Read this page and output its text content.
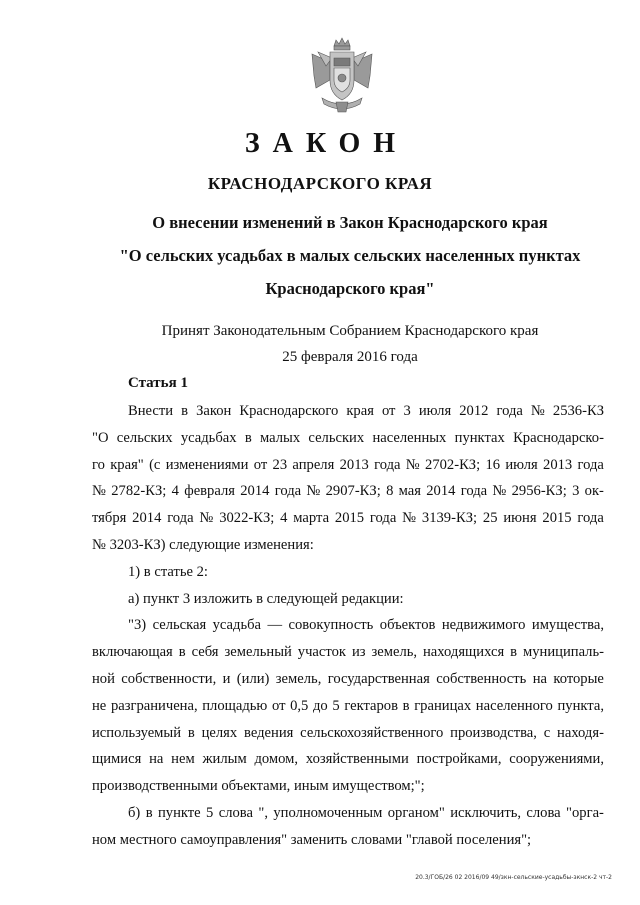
ЗАКОН
КРАСНОДАРСКОГО КРАЯ
О внесении изменений в Закон Краснодарского края
"О сельских усадьбах в малых сельских населенных пунктах
Краснодарского края"
Принят Законодательным Собранием Краснодарского края
25 февраля 2016 года
Статья 1
Внести в Закон Краснодарского края от 3 июля 2012 года № 2536-КЗ
"О сельских усадьбах в малых сельских населенных пунктах Краснодарско-
го края" (с изменениями от 23 апреля 2013 года № 2702-КЗ; 16 июля 2013 года
№ 2782-КЗ; 4 февраля 2014 года № 2907-КЗ; 8 мая 2014 года № 2956-КЗ; 3 ок-
тября 2014 года № 3022-КЗ; 4 марта 2015 года № 3139-КЗ; 25 июня 2015 года
№ 3203-КЗ) следующие изменения:
1) в статье 2:
а) пункт 3 изложить в следующей редакции:
"3) сельская усадьба — совокупность объектов недвижимого имущества,
включающая в себя земельный участок из земель, находящихся в муниципаль-
ной собственности, и (или) земель, государственная собственность на которые
не разграничена, площадью от 0,5 до 5 гектаров в границах населенного пункта,
используемый в целях ведения сельскохозяйственного производства, с находя-
щимися на нем жилым домом, хозяйственными постройками, сооружениями,
производственными объектами, иным имуществом;";
б) в пункте 5 слова ", уполномоченным органом" исключить, слова "орга-
ном местного самоуправления" заменить словами "главой поселения";
20.3/ГОБ/26 02 2016/09 49/зкн-сельские-усадьбы-зкнск-2 чт-2
